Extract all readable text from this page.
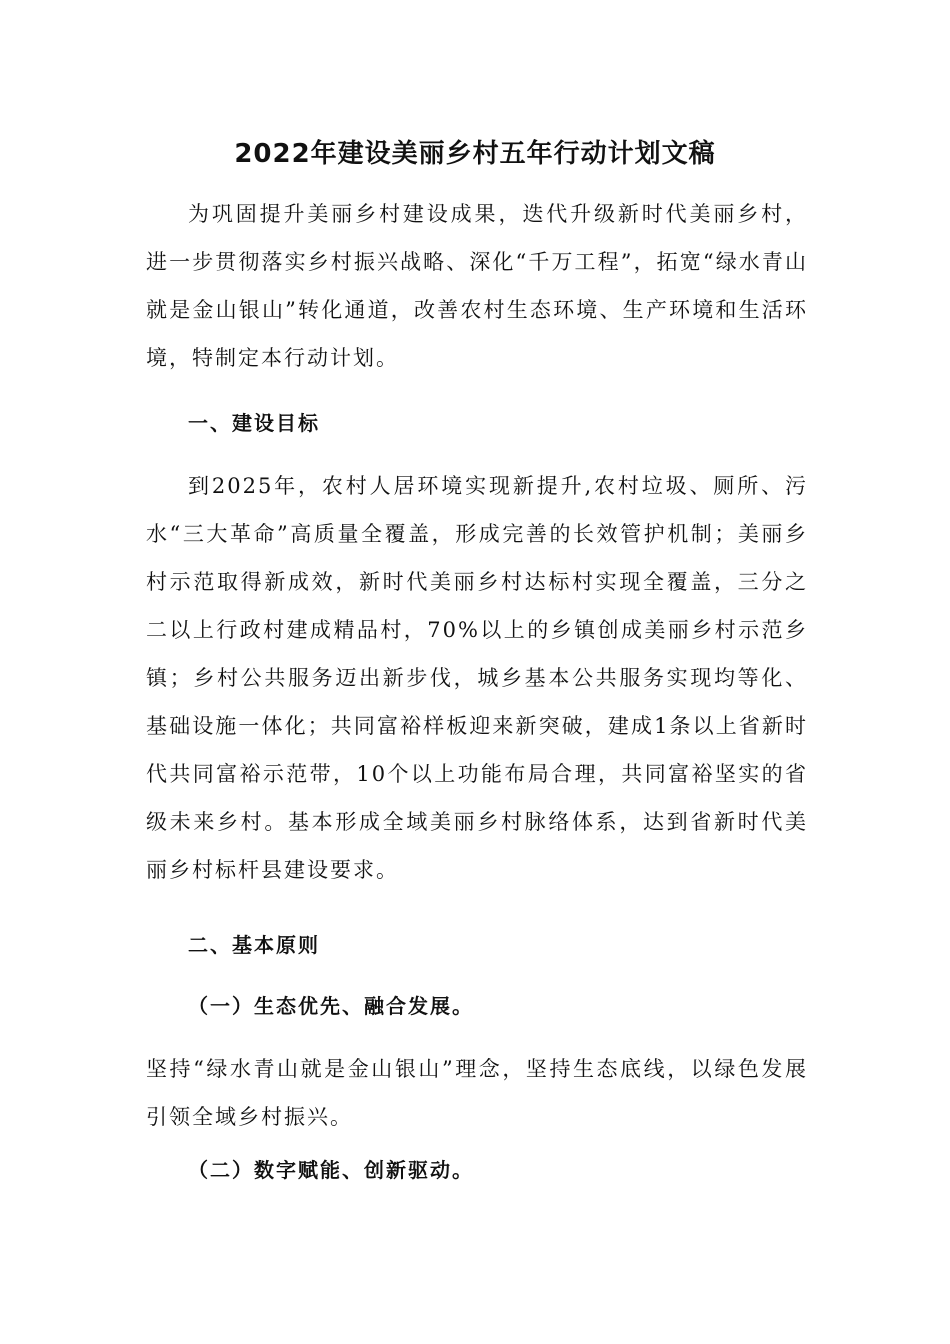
2022年建设美丽乡村五年行动计划文稿

为巩固提升美丽乡村建设成果，迭代升级新时代美丽乡村，进一步贯彻落实乡村振兴战略、深化“千万工程”，拓宽“绿水青山就是金山银山”转化通道，改善农村生态环境、生产环境和生活环境，特制定本行动计划。

一、建设目标

到2025年，农村人居环境实现新提升,农村垃圾、厕所、污水“三大革命”高质量全覆盖，形成完善的长效管护机制；美丽乡村示范取得新成效，新时代美丽乡村达标村实现全覆盖，三分之二以上行政村建成精品村，70%以上的乡镇创成美丽乡村示范乡镇；乡村公共服务迈出新步伐，城乡基本公共服务实现均等化、基础设施一体化；共同富裕样板迎来新突破，建成1条以上省新时代共同富裕示范带，10个以上功能布局合理，共同富裕坚实的省级未来乡村。基本形成全域美丽乡村脉络体系，达到省新时代美丽乡村标杆县建设要求。

二、基本原则
（一）生态优先、融合发展。

坚持“绿水青山就是金山银山”理念，坚持生态底线，以绿色发展引领全域乡村振兴。

（二）数字赋能、创新驱动。
